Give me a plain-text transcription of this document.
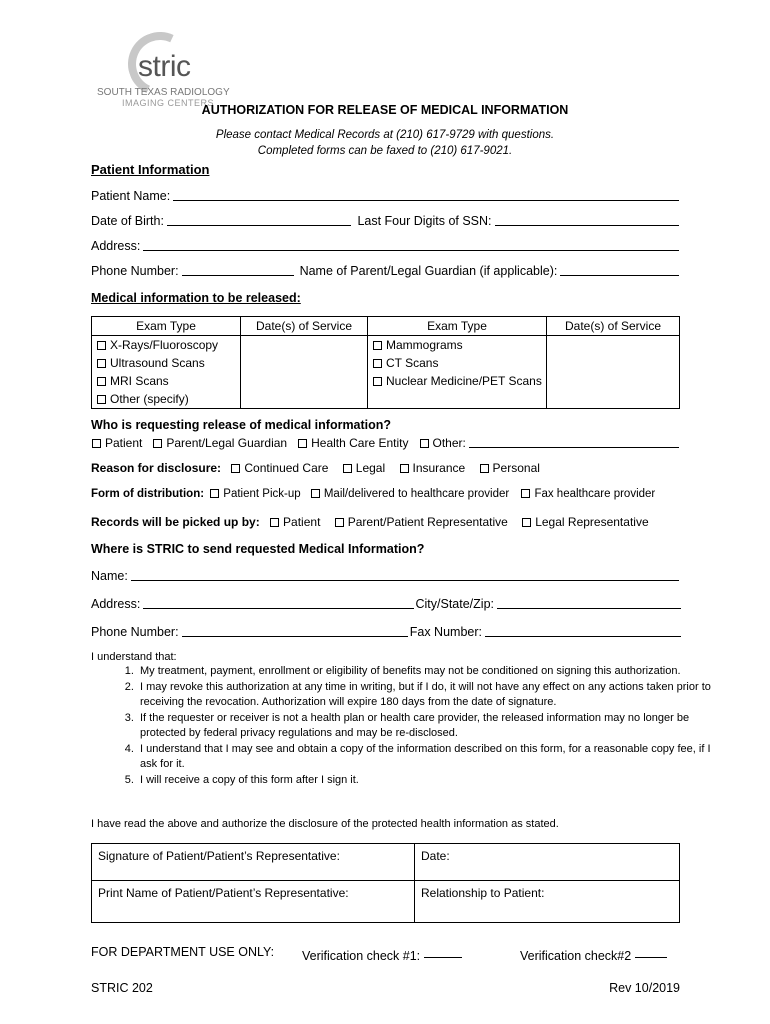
stric
SOUTH TEXAS RADIOLOGY
IMAGING CENTERS
AUTHORIZATION FOR RELEASE OF MEDICAL INFORMATION
Please contact Medical Records at (210) 617-9729 with questions.
Completed forms can be faxed to (210) 617-9021.
Patient Information
Patient Name:
Date of Birth:	Last Four Digits of SSN:
Address:
Phone Number:	Name of Parent/Legal Guardian (if applicable):
Medical information to be released:
Exam Type	Date(s) of Service	Exam Type	Date(s) of Service
X-Rays/Fluoroscopy		Mammograms	
Ultrasound Scans		CT Scans	
MRI Scans		Nuclear Medicine/PET Scans	
Other (specify)			
Who is requesting release of medical information?
Patient	Parent/Legal Guardian	Health Care Entity	Other:
Reason for disclosure: Continued Care Legal Insurance Personal
Form of distribution: Patient Pick-up Mail/delivered to healthcare provider Fax healthcare provider
Records will be picked up by: Patient Parent/Patient Representative Legal Representative
Where is STRIC to send requested Medical Information?
Name:
Address:	City/State/Zip:
Phone Number:	Fax Number:
I understand that:
1. My treatment, payment, enrollment or eligibility of benefits may not be conditioned on signing this authorization.
2. I may revoke this authorization at any time in writing, but if I do, it will not have any effect on any actions taken prior to receiving the revocation. Authorization will expire 180 days from the date of signature.
3. If the requester or receiver is not a health plan or health care provider, the released information may no longer be protected by federal privacy regulations and may be re-disclosed.
4. I understand that I may see and obtain a copy of the information described on this form, for a reasonable copy fee, if I ask for it.
5. I will receive a copy of this form after I sign it.
I have read the above and authorize the disclosure of the protected health information as stated.
Signature of Patient/Patient’s Representative:	Date:
Print Name of Patient/Patient’s Representative:	Relationship to Patient:
FOR DEPARTMENT USE ONLY: Verification check #1:	Verification check#2
STRIC 202	Rev 10/2019
